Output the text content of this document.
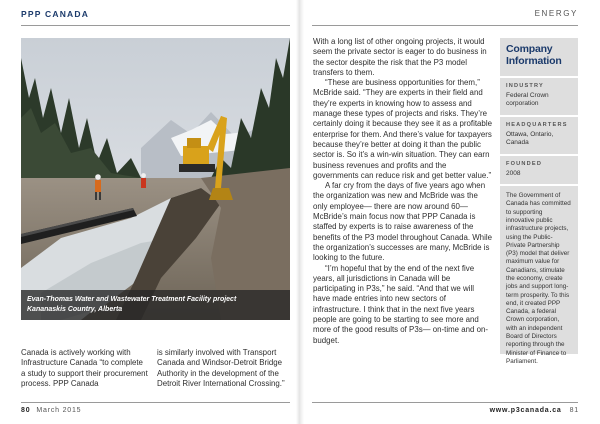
PPP CANADA	ENERGY
Evan-Thomas Water and Wastewater Treatment Facility project
Kananaskis Country, Alberta

Canada is actively working with Infrastructure Canada “to complete a study to support their procurement process. PPP Canada

is similarly involved with Transport Canada and Windsor-Detroit Bridge Authority in the development of the Detroit River International Crossing.”

With a long list of other ongoing projects, it would seem the private sector is eager to do business in the sector despite the risk that the P3 model transfers to them.

“These are business opportunities for them,” McBride said. “They are experts in their field and they’re experts in knowing how to assess and manage these types of projects and risks. They’re certainly doing it because they see it as a profitable enterprise for them. And there’s value for taxpayers because they’re better at doing it than the public sector is. So it’s a win-win situation. They can earn business revenues and profits and the governments can reduce risk and get better value.”

A far cry from the days of five years ago when the organization was new and McBride was the only employee— there are now around 60— McBride’s main focus now that PPP Canada is staffed by experts is to raise awareness of the benefits of the P3 model throughout Canada. While the organization’s successes are many, McBride is looking to the future.

“I’m hopeful that by the end of the next five years, all jurisdictions in Canada will be participating in P3s,” he said. “And that we will have made entries into new sectors of infrastructure. I think that in the next five years people are going to be starting to see more and more of the good results of P3s— on-time and on-budget.

Company Information
INDUSTRY
Federal Crown corporation
HEADQUARTERS
Ottawa, Ontario, Canada
FOUNDED
2008
The Government of Canada has committed to supporting innovative public infrastructure projects, using the Public-Private Partnership (P3) model that deliver maximum value for Canadians, stimulate the economy, create jobs and support long-term prosperity. To this end, it created PPP Canada, a federal Crown corporation, with an independent Board of Directors reporting through the Minister of Finance to Parliament.
80 March 2015	www.p3canada.ca 81
